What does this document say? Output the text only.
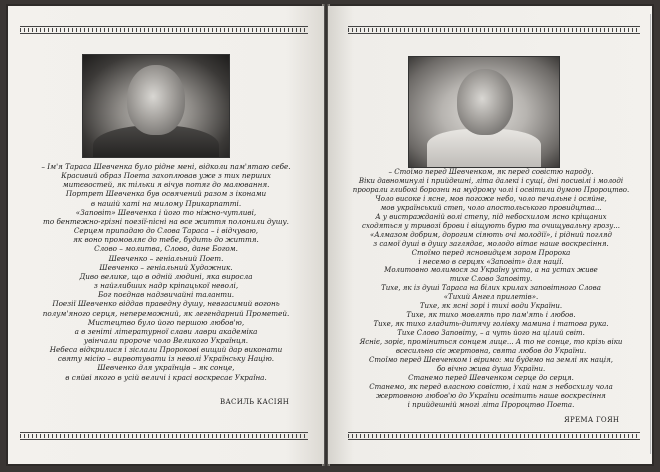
– Ім'я Тараса Шевченка було рідне мені, відколи пам'ятаю себе.
Красивий образ Поета захоплював уже з тих перших
митєвостей, як тільки я вічув потяг до малювання.
Портрет Шевченка був освячений разом з іконами
в нашій хаті на милому Прикарпатті.
«Заповіт» Шевченка і його то ніжно-чутливі,
то бентежно-грізні поезії-пісні на все життя полонили душу.
Серцем припадаю до Слова Тараса – і відчуваю,
як воно промовляє до тебе, будить до життя.
Слово – молитва, Слово, дане Богом.
Шевченко – геніальний Поет.
Шевченко – геніальний Художник.
Диво велике, що в одній людині, яка виросла
з найглибших надр кріпацької неволі,
Бог поєднав надзвичайні таланти.
Поезії Шевченко віддав праведну душу, невгасимий вогонь
полум'яного серця, непереможний, як легендарний Прометей.
Мистецтво було його першою любов'ю,
а в зеніті літературної слави лаври академіка
увінчали пророче чоло Великого Українця.
Небеса відкрилися і зіслали Пророкові вищий дар виконати
святу місію – вирвотувати із неволі Українську Націю.
Шевченко для українців – як сонце,
в сяйві якого в усій величі і красі воскресає Україна.
ВАСИЛЬ КАСІЯН
– Стоїмо перед Шевченком, як перед совістю народу.
Віки давноминулі і прийдешні, літа далекі і сущі, дні посивілі і молоді
проорали глибокі борозни на мудрому чолі і освітили думою Пророцтво.
Чоло високе і ясне, мов погоже небо, чоло печальне і осяйне,
мов український степ, чоло апостольського провидцтва...
А у вистражданій волі степу, під небосхилом ясно кріщаних
сходяться у тривозі брови і віщують бурю та очищувальну грозу...
«Алмазом добрим, дорогим сіяють очі молодії», і рідний погляд
з самої душі в душу заглядає, молодо вітає наше воскресіння.
Стоїмо перед ясновидцем зором Пророка
і несемо в серцях «Заповіт» для нації.
Молитовно молимося за Україну уста, а на устах живе
тихе Слово Заповіту.
Тихе, як із душі Тараса на білих крилах заповітного Слова
«Тихий Ангел прилетів».
Тихе, як ясні зорі і тихі води України.
Тихе, як тихо мовлять про пам'ять і любов.
Тихе, як тихо гладить-дитячу голівку мамина і татова рука.
Тихе Слово Заповіту, – а чуть його на цілий світ.
Ясніє, зоріє, проміниться сонцем лице... А то не сонце, то крізь віки
всесильно сіє жертовна, свята любов до України.
Стоїмо перед Шевченком і віримо: ми будемо на землі як нація,
бо вічно жива душа України.
Станемо перед Шевченком серце до серця.
Станемо, як перед власною совістю, і хай нам з небосхилу чола
жертовною любов'ю до України освітить наше воскресіння
і прийдешній многі літа Пророцтво Поета.
ЯРЕМА ГОЯН
